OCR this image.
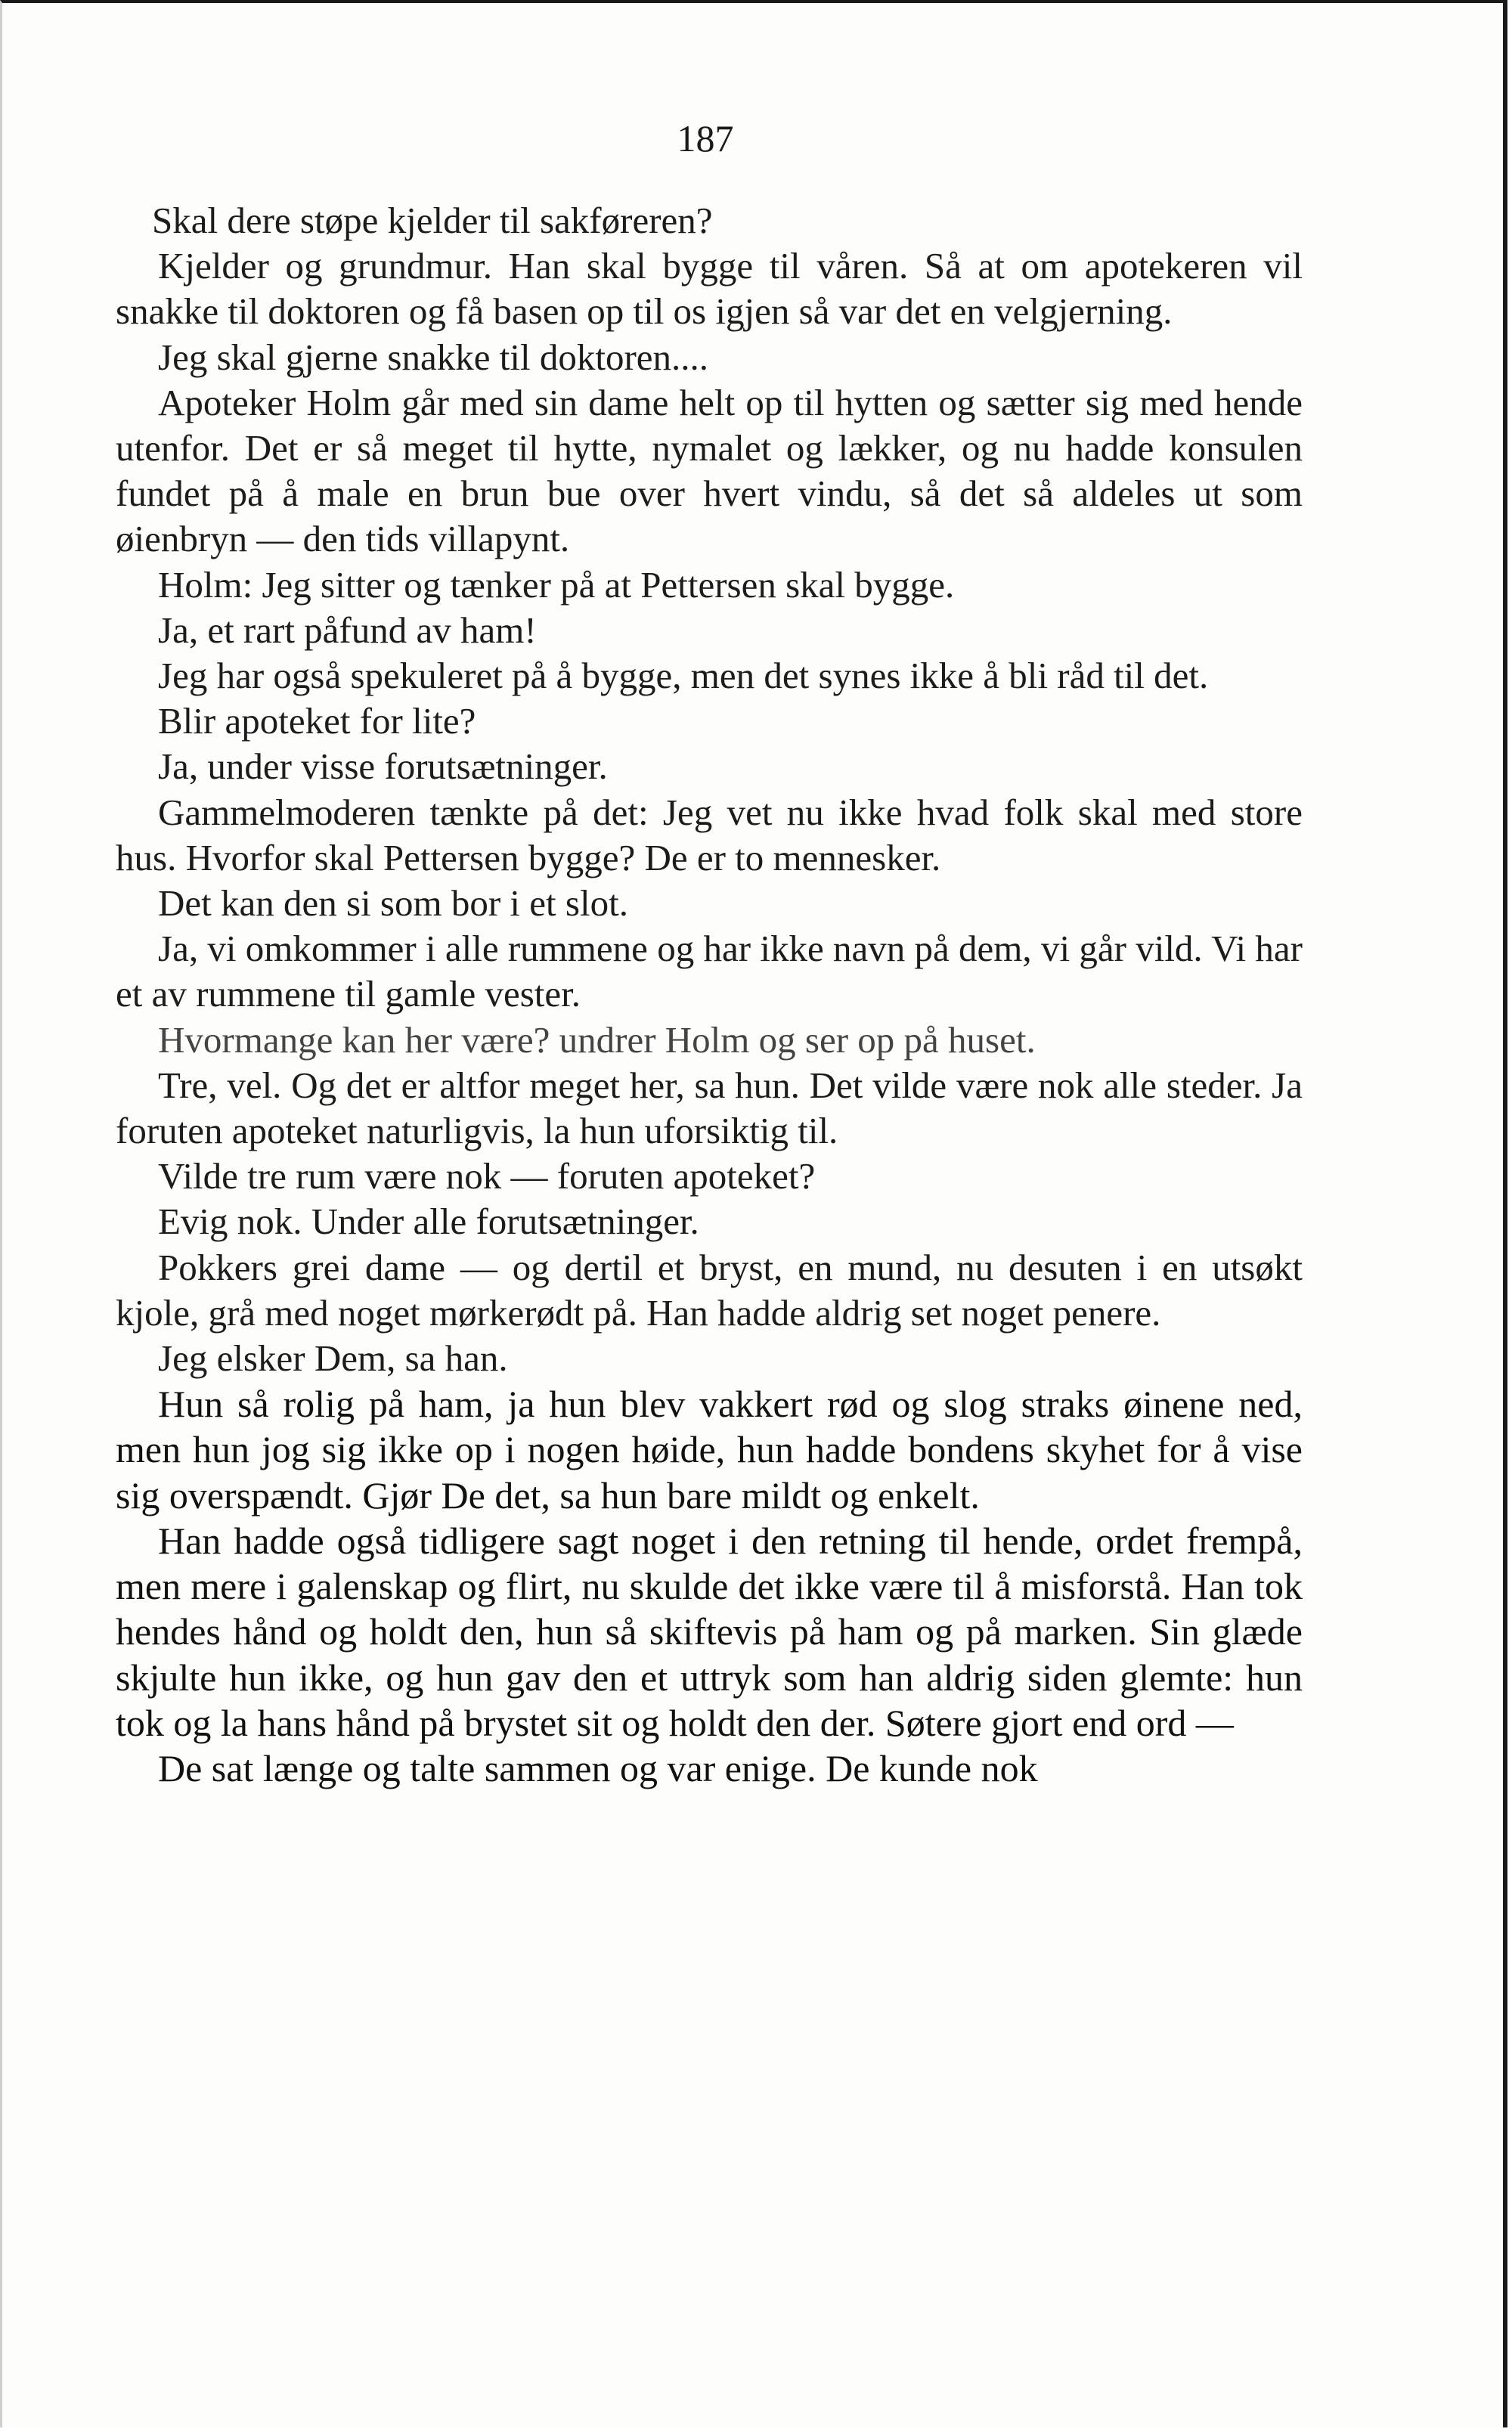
187

Skal dere støpe kjelder til sakføreren?

Kjelder og grundmur. Han skal bygge til våren. Så at om apotekeren vil snakke til doktoren og få basen op til os igjen så var det en velgjerning.

Jeg skal gjerne snakke til doktoren....

Apoteker Holm går med sin dame helt op til hytten og sætter sig med hende utenfor. Det er så meget til hytte, nymalet og lækker, og nu hadde konsulen fundet på å male en brun bue over hvert vindu, så det så aldeles ut som øienbryn — den tids villapynt.

Holm: Jeg sitter og tænker på at Pettersen skal bygge.

Ja, et rart påfund av ham!

Jeg har også spekuleret på å bygge, men det synes ikke å bli råd til det.

Blir apoteket for lite?

Ja, under visse forutsætninger.

Gammelmoderen tænkte på det: Jeg vet nu ikke hvad folk skal med store hus. Hvorfor skal Pettersen bygge? De er to mennesker.

Det kan den si som bor i et slot.

Ja, vi omkommer i alle rummene og har ikke navn på dem, vi går vild. Vi har et av rummene til gamle vester.

Hvormange kan her være? undrer Holm og ser op på huset.

Tre, vel. Og det er altfor meget her, sa hun. Det vilde være nok alle steder. Ja foruten apoteket naturligvis, la hun uforsiktig til.

Vilde tre rum være nok — foruten apoteket?

Evig nok. Under alle forutsætninger.

Pokkers grei dame — og dertil et bryst, en mund, nu desuten i en utsøkt kjole, grå med noget mørkerødt på. Han hadde aldrig set noget penere.

Jeg elsker Dem, sa han.

Hun så rolig på ham, ja hun blev vakkert rød og slog straks øinene ned, men hun jog sig ikke op i nogen høide, hun hadde bondens skyhet for å vise sig overspændt. Gjør De det, sa hun bare mildt og enkelt.

Han hadde også tidligere sagt noget i den retning til hende, ordet frempå, men mere i galenskap og flirt, nu skulde det ikke være til å misforstå. Han tok hendes hånd og holdt den, hun så skiftevis på ham og på marken. Sin glæde skjulte hun ikke, og hun gav den et uttryk som han aldrig siden glemte: hun tok og la hans hånd på brystet sit og holdt den der. Søtere gjort end ord —

De sat længe og talte sammen og var enige. De kunde nok
